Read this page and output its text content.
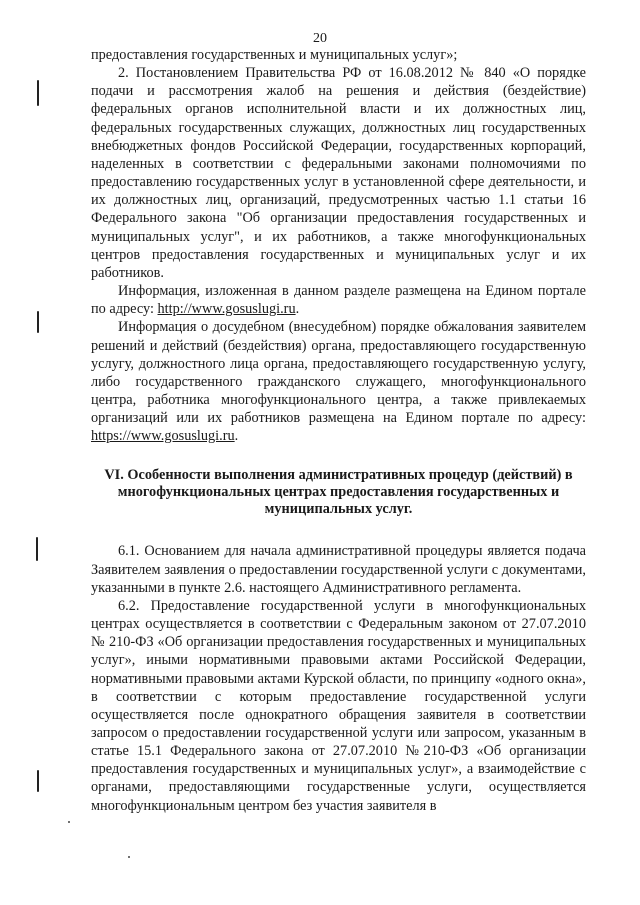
20

предоставления государственных и муниципальных услуг»;

2. Постановлением Правительства РФ от 16.08.2012 № 840 «О порядке подачи и рассмотрения жалоб на решения и действия (бездействие) федеральных органов исполнительной власти и их должностных лиц, федеральных государственных служащих, должностных лиц государственных внебюджетных фондов Российской Федерации, государственных корпораций, наделенных в соответствии с федеральными законами полномочиями по предоставлению государственных услуг в установленной сфере деятельности, и их должностных лиц, организаций, предусмотренных частью 1.1 статьи 16 Федерального закона "Об организации предоставления государственных и муниципальных услуг", и их работников, а также многофункциональных центров предоставления государственных и муниципальных услуг и их работников.

Информация, изложенная в данном разделе размещена на Едином портале по адресу: http://www.gosuslugi.ru.

Информация о досудебном (внесудебном) порядке обжалования заявителем решений и действий (бездействия) органа, предоставляющего государственную услугу, должностного лица органа, предоставляющего государственную услугу, либо государственного гражданского служащего, многофункционального центра, работника многофункционального центра, а также привлекаемых организаций или их работников размещена на Едином портале по адресу: https://www.gosuslugi.ru.

VI. Особенности выполнения административных процедур (действий) в многофункциональных центрах предоставления государственных и муниципальных услуг.

6.1. Основанием для начала административной процедуры является подача Заявителем заявления о предоставлении государственной услуги с документами, указанными в пункте 2.6. настоящего Административного регламента.

6.2. Предоставление государственной услуги в многофункциональных центрах осуществляется в соответствии с Федеральным законом от 27.07.2010 № 210-ФЗ «Об организации предоставления государственных и муниципальных услуг», иными нормативными правовыми актами Российской Федерации, нормативными правовыми актами Курской области, по принципу «одного окна», в соответствии с которым предоставление государственной услуги осуществляется после однократного обращения заявителя в соответствии запросом о предоставлении государственной услуги или запросом, указанным в статье 15.1 Федерального закона от 27.07.2010 №210-ФЗ «Об организации предоставления государственных и муниципальных услуг», а взаимодействие с органами, предоставляющими государственные услуги, осуществляется многофункциональным центром без участия заявителя в
